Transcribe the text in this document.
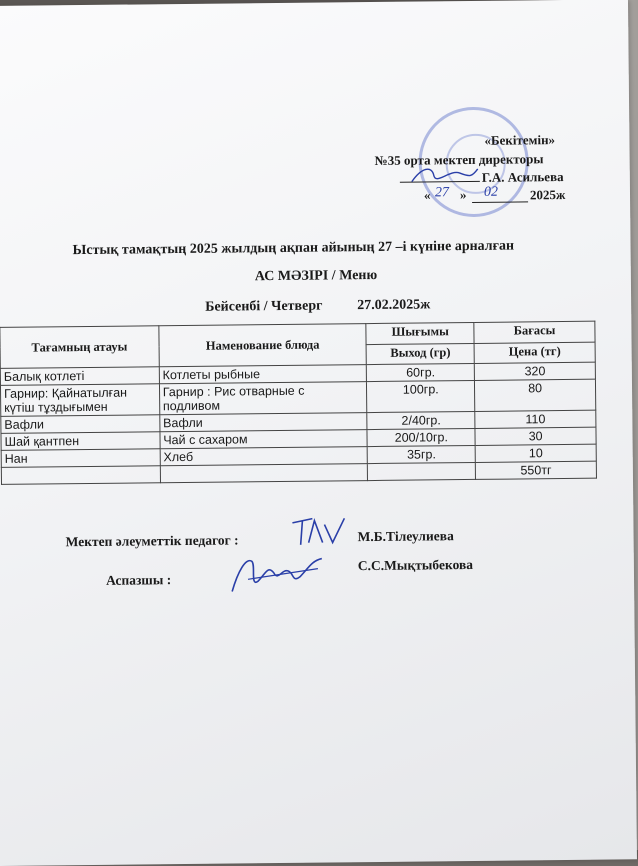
«Бекітемін»
№35 орта мектеп директоры
Г.А. Асильева
« 27 » 02 2025ж
Ыстық тамақтың 2025 жылдың ақпан айының 27 –і күніне арналған
АС МӘЗІРІ / Меню
Бейсенбі / Четверг 27.02.2025ж
Тағамның атауы	Наменование блюда	Шығымы	Бағасы
		Выход (гр)	Цена (тг)
Балық котлеті	Котлеты рыбные	60гр.	320
Гарнир: Қайнатылған күтіш тұздығымен	Гарнир : Рис отварные с подливом	100гр.	80
Вафли	Вафли	2/40гр.	110
Шай қантпен	Чай с сахаром	200/10гр.	30
Нан	Хлеб	35гр.	10
			550тг
Мектеп әлеуметтік педагог :	М.Б.Тілеулиева
Аспазшы :
С.С.Мықтыбекова
